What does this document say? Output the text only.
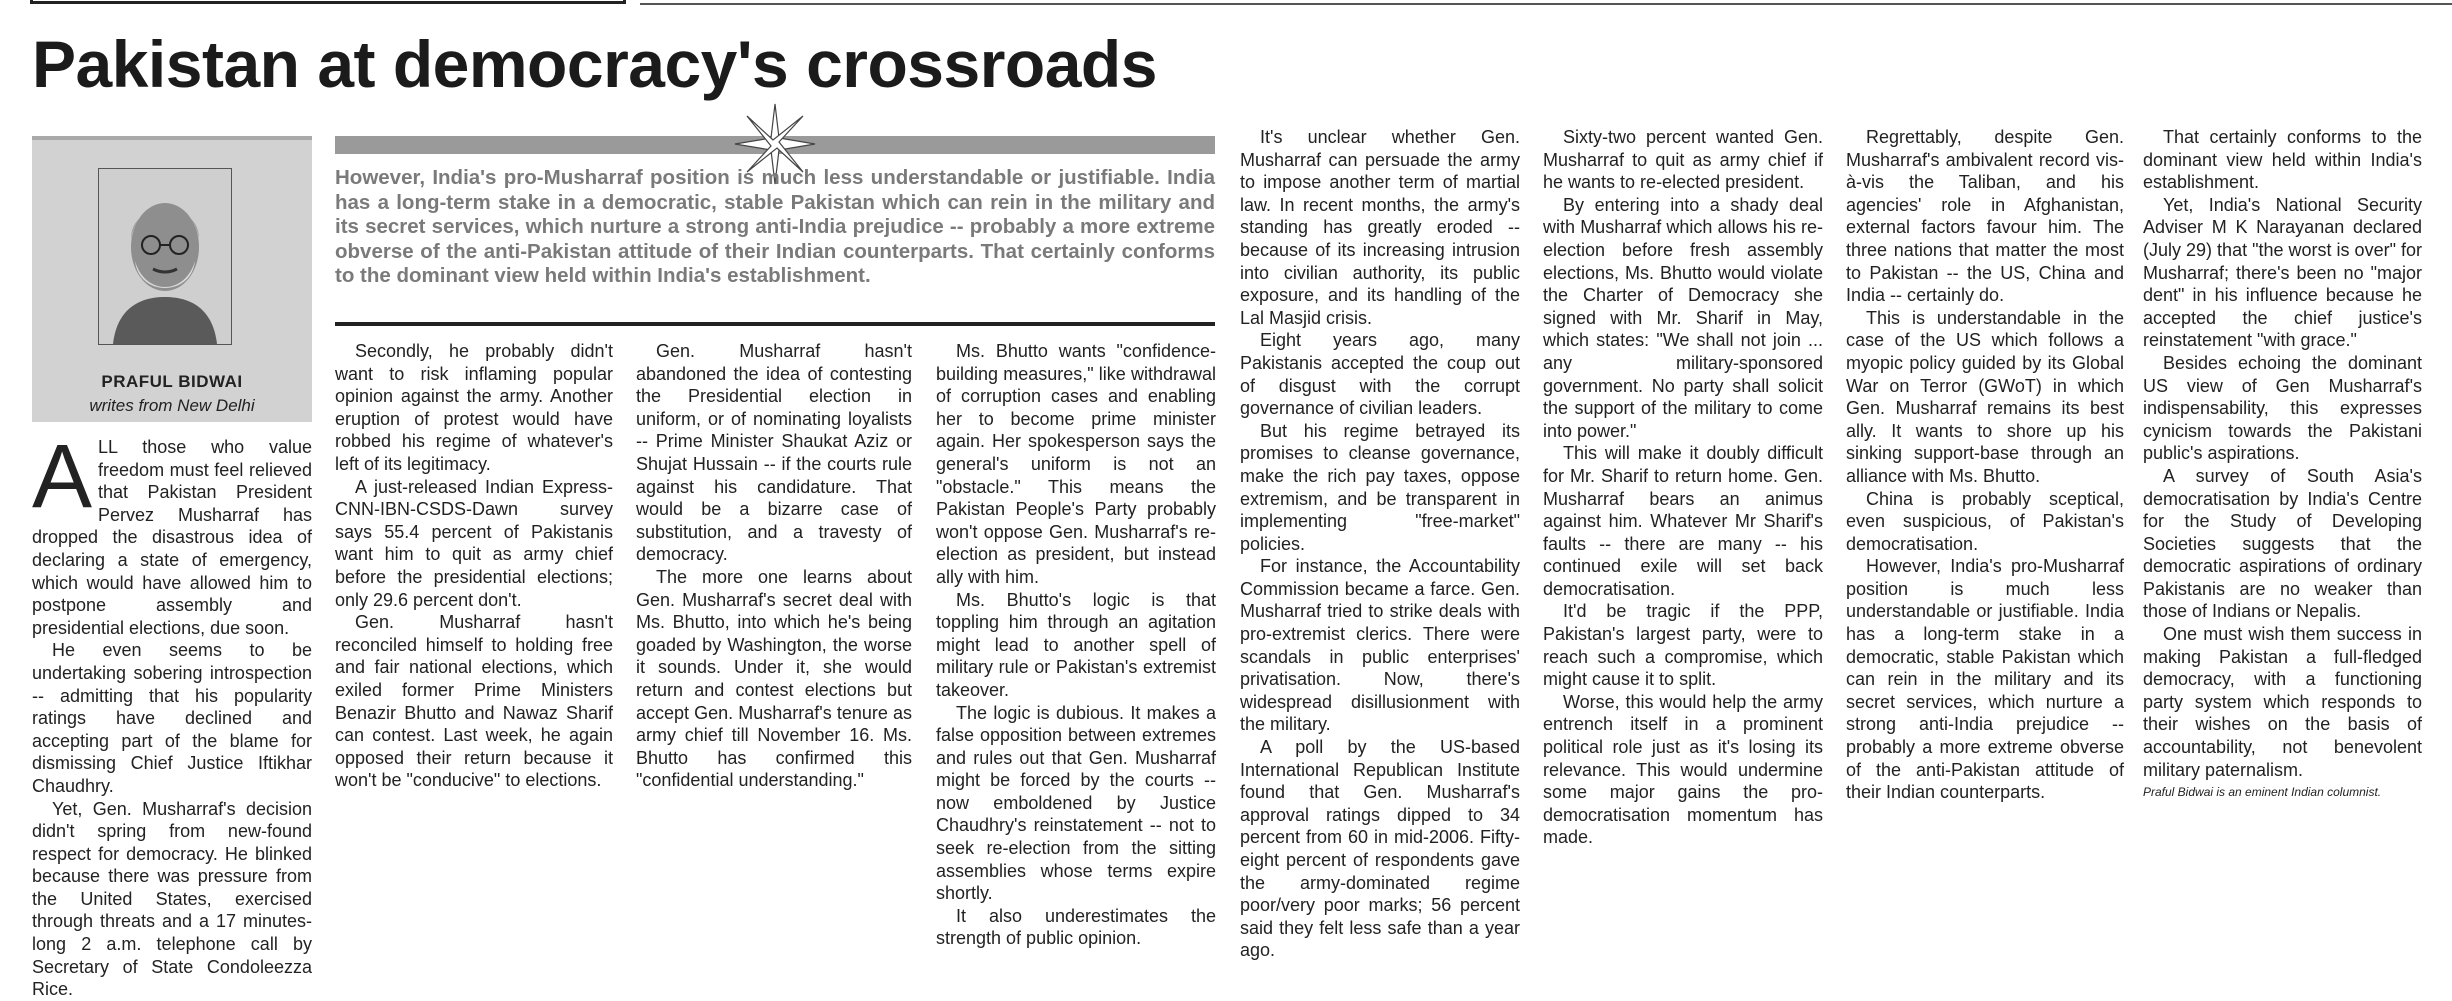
Pakistan at democracy's crossroads
PRAFUL BIDWAI
writes from New Delhi

However, India's pro-Musharraf position is much less understandable or justifiable. India has a long-term stake in a democratic, stable Pakistan which can rein in the military and its secret services, which nurture a strong anti-India prejudice -- probably a more extreme obverse of the anti-Pakistan attitude of their Indian counterparts. That certainly conforms to the dominant view held within India's establishment.

ALL those who value freedom must feel relieved that Pakistan President Pervez Musharraf has dropped the disastrous idea of declaring a state of emergency, which would have allowed him to postpone assembly and presidential elections, due soon.

He even seems to be undertaking sobering introspection -- admitting that his popularity ratings have declined and accepting part of the blame for dismissing Chief Justice Iftikhar Chaudhry.

Yet, Gen. Musharraf's decision didn't spring from new-found respect for democracy. He blinked because there was pressure from the United States, exercised through threats and a 17 minutes-long 2 a.m. telephone call by Secretary of State Condoleezza Rice.

Secondly, he probably didn't want to risk inflaming popular opinion against the army. Another eruption of protest would have robbed his regime of whatever's left of its legitimacy.

A just-released Indian Express-CNN-IBN-CSDS-Dawn survey says 55.4 percent of Pakistanis want him to quit as army chief before the presidential elections; only 29.6 percent don't.

Gen. Musharraf hasn't reconciled himself to holding free and fair national elections, which exiled former Prime Ministers Benazir Bhutto and Nawaz Sharif can contest. Last week, he again opposed their return because it won't be "conducive" to elections.

Gen. Musharraf hasn't abandoned the idea of contesting the Presidential election in uniform, or of nominating loyalists -- Prime Minister Shaukat Aziz or Shujat Hussain -- if the courts rule against his candidature. That would be a bizarre case of substitution, and a travesty of democracy.

The more one learns about Gen. Musharraf's secret deal with Ms. Bhutto, into which he's being goaded by Washington, the worse it sounds. Under it, she would return and contest elections but accept Gen. Musharraf's tenure as army chief till November 16. Ms. Bhutto has confirmed this "confidential understanding."

Ms. Bhutto wants "confidence-building measures," like withdrawal of corruption cases and enabling her to become prime minister again. Her spokesperson says the general's uniform is not an "obstacle." This means the Pakistan People's Party probably won't oppose Gen. Musharraf's re-election as president, but instead ally with him.

Ms. Bhutto's logic is that toppling him through an agitation might lead to another spell of military rule or Pakistan's extremist takeover.

The logic is dubious. It makes a false opposition between extremes and rules out that Gen. Musharraf might be forced by the courts -- now emboldened by Justice Chaudhry's reinstatement -- not to seek re-election from the sitting assemblies whose terms expire shortly.

It also underestimates the strength of public opinion.

It's unclear whether Gen. Musharraf can persuade the army to impose another term of martial law. In recent months, the army's standing has greatly eroded -- because of its increasing intrusion into civilian authority, its public exposure, and its handling of the Lal Masjid crisis.

Eight years ago, many Pakistanis accepted the coup out of disgust with the corrupt governance of civilian leaders.

But his regime betrayed its promises to cleanse governance, make the rich pay taxes, oppose extremism, and be transparent in implementing "free-market" policies.

For instance, the Accountability Commission became a farce. Gen. Musharraf tried to strike deals with pro-extremist clerics. There were scandals in public enterprises' privatisation. Now, there's widespread disillusionment with the military.

A poll by the US-based International Republican Institute found that Gen. Musharraf's approval ratings dipped to 34 percent from 60 in mid-2006. Fifty-eight percent of respondents gave the army-dominated regime poor/very poor marks; 56 percent said they felt less safe than a year ago.

Sixty-two percent wanted Gen. Musharraf to quit as army chief if he wants to re-elected president.

By entering into a shady deal with Musharraf which allows his re-election before fresh assembly elections, Ms. Bhutto would violate the Charter of Democracy she signed with Mr. Sharif in May, which states: "We shall not join ... any military-sponsored government. No party shall solicit the support of the military to come into power."

This will make it doubly difficult for Mr. Sharif to return home. Gen. Musharraf bears an animus against him. Whatever Mr Sharif's faults -- there are many -- his continued exile will set back democratisation.

It'd be tragic if the PPP, Pakistan's largest party, were to reach such a compromise, which might cause it to split.

Worse, this would help the army entrench itself in a prominent political role just as it's losing its relevance. This would undermine some major gains the pro-democratisation momentum has made.

Regrettably, despite Gen. Musharraf's ambivalent record vis-à-vis the Taliban, and his agencies' role in Afghanistan, external factors favour him. The three nations that matter the most to Pakistan -- the US, China and India -- certainly do.

This is understandable in the case of the US which follows a myopic policy guided by its Global War on Terror (GWoT) in which Gen. Musharraf remains its best ally. It wants to shore up his sinking support-base through an alliance with Ms. Bhutto.

China is probably sceptical, even suspicious, of Pakistan's democratisation.

However, India's pro-Musharraf position is much less understandable or justifiable. India has a long-term stake in a democratic, stable Pakistan which can rein in the military and its secret services, which nurture a strong anti-India prejudice -- probably a more extreme obverse of the anti-Pakistan attitude of their Indian counterparts.

That certainly conforms to the dominant view held within India's establishment.

Yet, India's National Security Adviser M K Narayanan declared (July 29) that "the worst is over" for Musharraf; there's been no "major dent" in his influence because he accepted the chief justice's reinstatement "with grace."

Besides echoing the dominant US view of Gen Musharraf's indispensability, this expresses cynicism towards the Pakistani public's aspirations.

A survey of South Asia's democratisation by India's Centre for the Study of Developing Societies suggests that the democratic aspirations of ordinary Pakistanis are no weaker than those of Indians or Nepalis.

One must wish them success in making Pakistan a full-fledged democracy, with a functioning party system which responds to their wishes on the basis of accountability, not benevolent military paternalism.

Praful Bidwai is an eminent Indian columnist.
